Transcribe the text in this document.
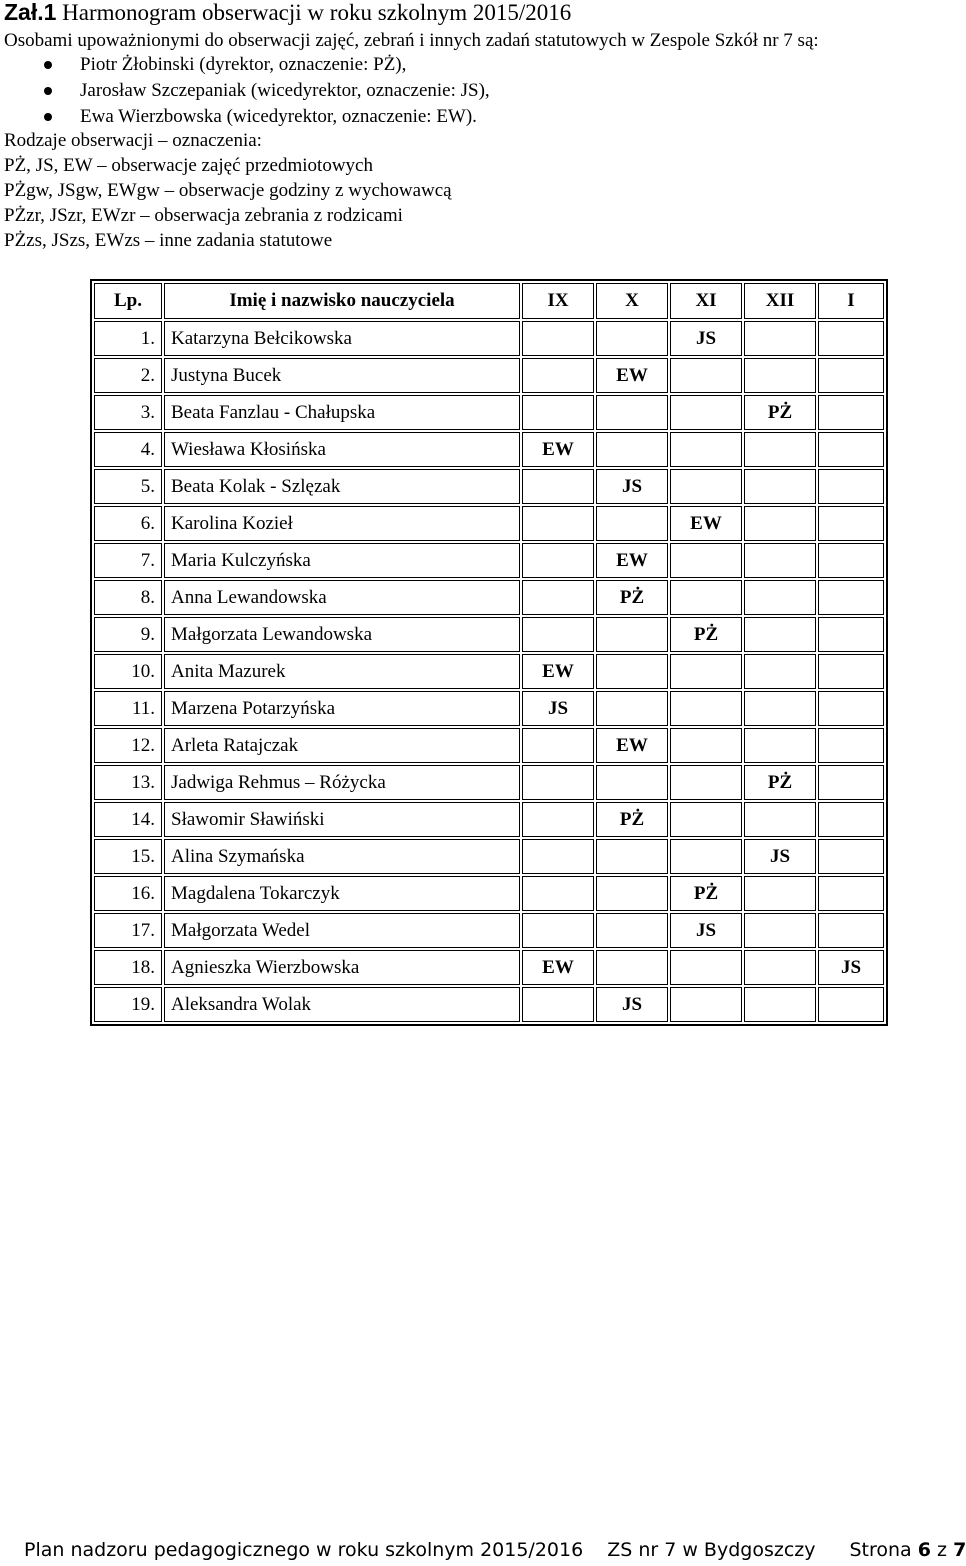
Zał.1 Harmonogram obserwacji w roku szkolnym 2015/2016
Osobami upoważnionymi do obserwacji zajęć, zebrań i innych zadań statutowych w Zespole Szkół nr 7 są:
Piotr Żłobinski (dyrektor, oznaczenie: PŻ),
Jarosław Szczepaniak (wicedyrektor, oznaczenie: JS),
Ewa Wierzbowska (wicedyrektor, oznaczenie: EW).
Rodzaje obserwacji – oznaczenia:
PŻ, JS, EW – obserwacje zajęć przedmiotowych
PŻgw, JSgw, EWgw – obserwacje godziny z wychowawcą
PŻzr, JSzr, EWzr – obserwacja zebrania z rodzicami
PŻzs, JSzs, EWzs – inne zadania statutowe
Lp.	Imię i nazwisko nauczyciela	IX	X	XI	XII	I
1.	Katarzyna Bełcikowska			JS		
2.	Justyna Bucek		EW			
3.	Beata Fanzlau - Chałupska				PŻ	
4.	Wiesława Kłosińska	EW				
5.	Beata Kolak - Szlęzak		JS			
6.	Karolina Kozieł			EW		
7.	Maria Kulczyńska		EW			
8.	Anna Lewandowska		PŻ			
9.	Małgorzata Lewandowska			PŻ		
10.	Anita Mazurek	EW				
11.	Marzena Potarzyńska	JS				
12.	Arleta Ratajczak		EW			
13.	Jadwiga Rehmus – Różycka				PŻ	
14.	Sławomir Sławiński		PŻ			
15.	Alina Szymańska				JS	
16.	Magdalena Tokarczyk			PŻ		
17.	Małgorzata Wedel			JS		
18.	Agnieszka Wierzbowska	EW				JS
19.	Aleksandra Wolak		JS			
Plan nadzoru pedagogicznego w roku szkolnym 2015/2016 ZS nr 7 w Bydgoszczy Strona 6 z 7
